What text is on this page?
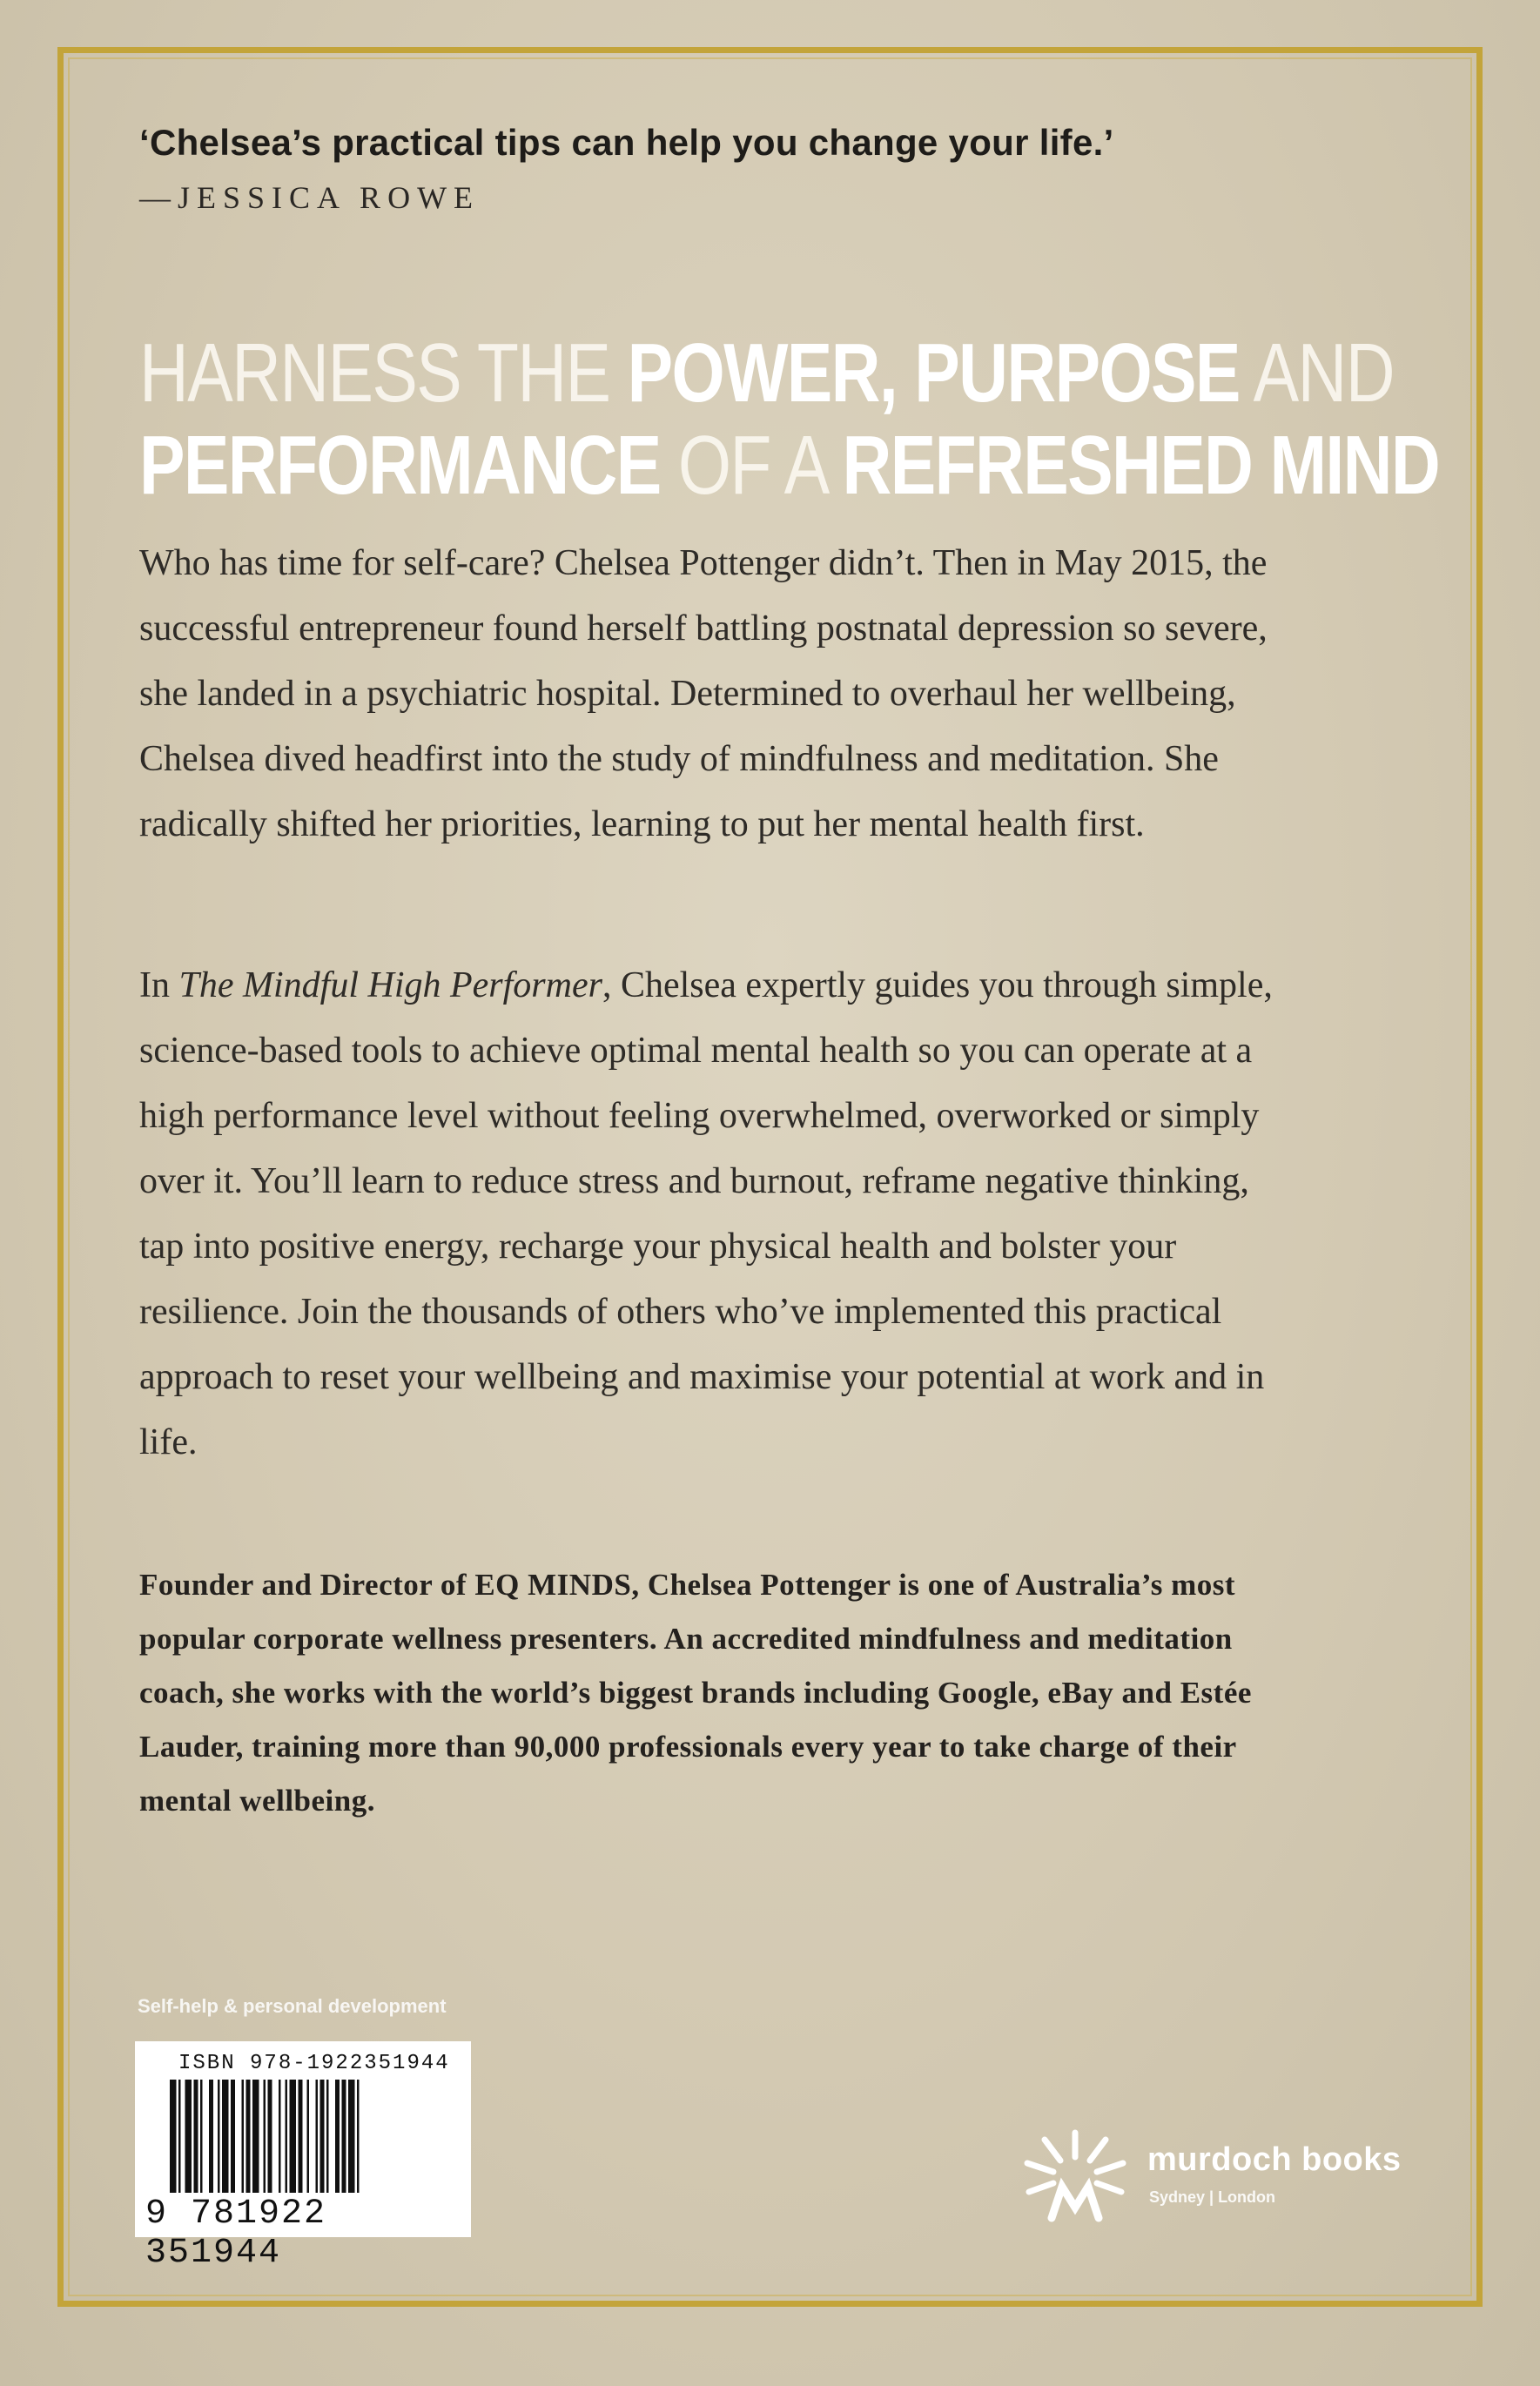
‘Chelsea’s practical tips can help you change your life.’
—JESSICA ROWE
HARNESS THE POWER, PURPOSE AND
PERFORMANCE OF A REFRESHED MIND

Who has time for self-care? Chelsea Pottenger didn’t. Then in May 2015, the successful entrepreneur found herself battling postnatal depression so severe, she landed in a psychiatric hospital. Determined to overhaul her wellbeing, Chelsea dived headfirst into the study of mindfulness and meditation. She radically shifted her priorities, learning to put her mental health first.

In The Mindful High Performer, Chelsea expertly guides you through simple, science-based tools to achieve optimal mental health so you can operate at a high performance level without feeling overwhelmed, overworked or simply over it. You’ll learn to reduce stress and burnout, reframe negative thinking, tap into positive energy, recharge your physical health and bolster your resilience. Join the thousands of others who’ve implemented this practical approach to reset your wellbeing and maximise your potential at work and in life.

Founder and Director of EQ MINDS, Chelsea Pottenger is one of Australia’s most popular corporate wellness presenters. An accredited mindfulness and meditation coach, she works with the world’s biggest brands including Google, eBay and Estée Lauder, training more than 90,000 professionals every year to take charge of their mental wellbeing.

Self-help & personal development
ISBN 978-1922351944
9 781922 351944
murdoch books
Sydney | London
